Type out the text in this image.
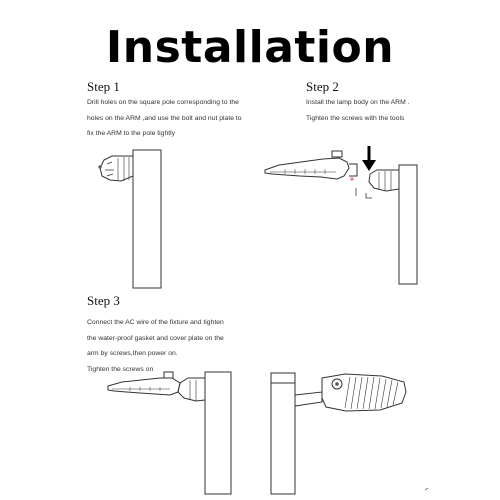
Installation
Step 1
Drill holes on the square pole corresponding to the
holes on the ARM ,and use the bolt and nut plate to
fix the ARM to the pole tightly
Step 2
Install the lamp body on the ARM .
Tighten the screws with the tools
Step 3
Connect the AC wire of the fixture and tighten
the water-proof gasket and cover plate on the
arm by screws,then power on.
Tighten the screws on
